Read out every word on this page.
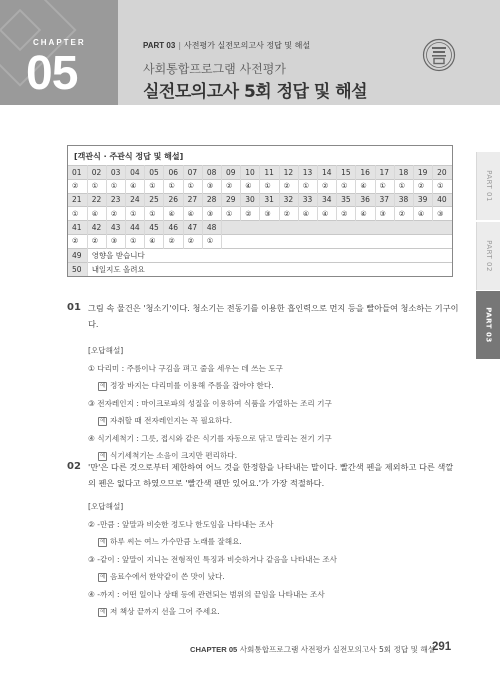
CHAPTER
05
PART 03 | 사전평가 실전모의고사 정답 및 해설
사회통합프로그램 사전평가
실전모의고사 5회 정답 및 해설
PART 01
PART 02
PART 03
[객관식 · 주관식 정답 및 해설]
01	02	03	04	05	06	07	08	09	10	11	12	13	14	15	16	17	18	19	20
②	①	①	④	①	①	①	③	②	④	①	②	①	②	①	④	①	①	②	①
21	22	23	24	25	26	27	28	29	30	31	32	33	34	35	36	37	38	39	40
①	④	②	①	①	④	④	③	①	②	③	②	④	④	②	④	③	②	④	③
41	42	43	44	45	46	47	48												
②	②	③	①	④	②	②	①												
49	영향을 받습니다																		
50	내일지도 올려요																		
01 그림 속 물건은 '청소기'이다. 청소기는 전동기를 이용한 흡인력으로 먼지 등을 빨아들여 청소하는 기구이다.
[오답해설]
① 다리미 : 주름이나 구김을 펴고 줄을 세우는 데 쓰는 도구
예 정장 바지는 다리미를 이용해 주름을 잡아야 한다.
③ 전자레인지 : 마이크로파의 성질을 이용하여 식품을 가열하는 조리 기구
예 자취할 때 전자레인지는 꼭 필요하다.
④ 식기세척기 : 그릇, 접시와 같은 식기를 자동으로 닦고 말리는 전기 기구
예 식기세척기는 소음이 크지만 편리하다.
02 '만'은 다른 것으로부터 제한하여 어느 것을 한정함을 나타내는 말이다. 빨간색 펜을 제외하고 다른 색깔의 펜은 없다고 하였으므로 '빨간색 펜만 있어요.'가 가장 적절하다.
[오답해설]
② -만큼 : 앞말과 비슷한 정도나 한도임을 나타내는 조사
예 하루 씨는 여느 가수만큼 노래를 잘해요.
③ -같이 : 앞말이 지니는 전형적인 특징과 비슷하거나 같음을 나타내는 조사
예 음료수에서 한약같이 쓴 맛이 났다.
④ -까지 : 어떤 일이나 상태 등에 관련되는 범위의 끝임을 나타내는 조사
예 저 책상 끝까지 선을 그어 주세요.
CHAPTER 05 사회통합프로그램 사전평가 실전모의고사 5회 정답 및 해설
291
